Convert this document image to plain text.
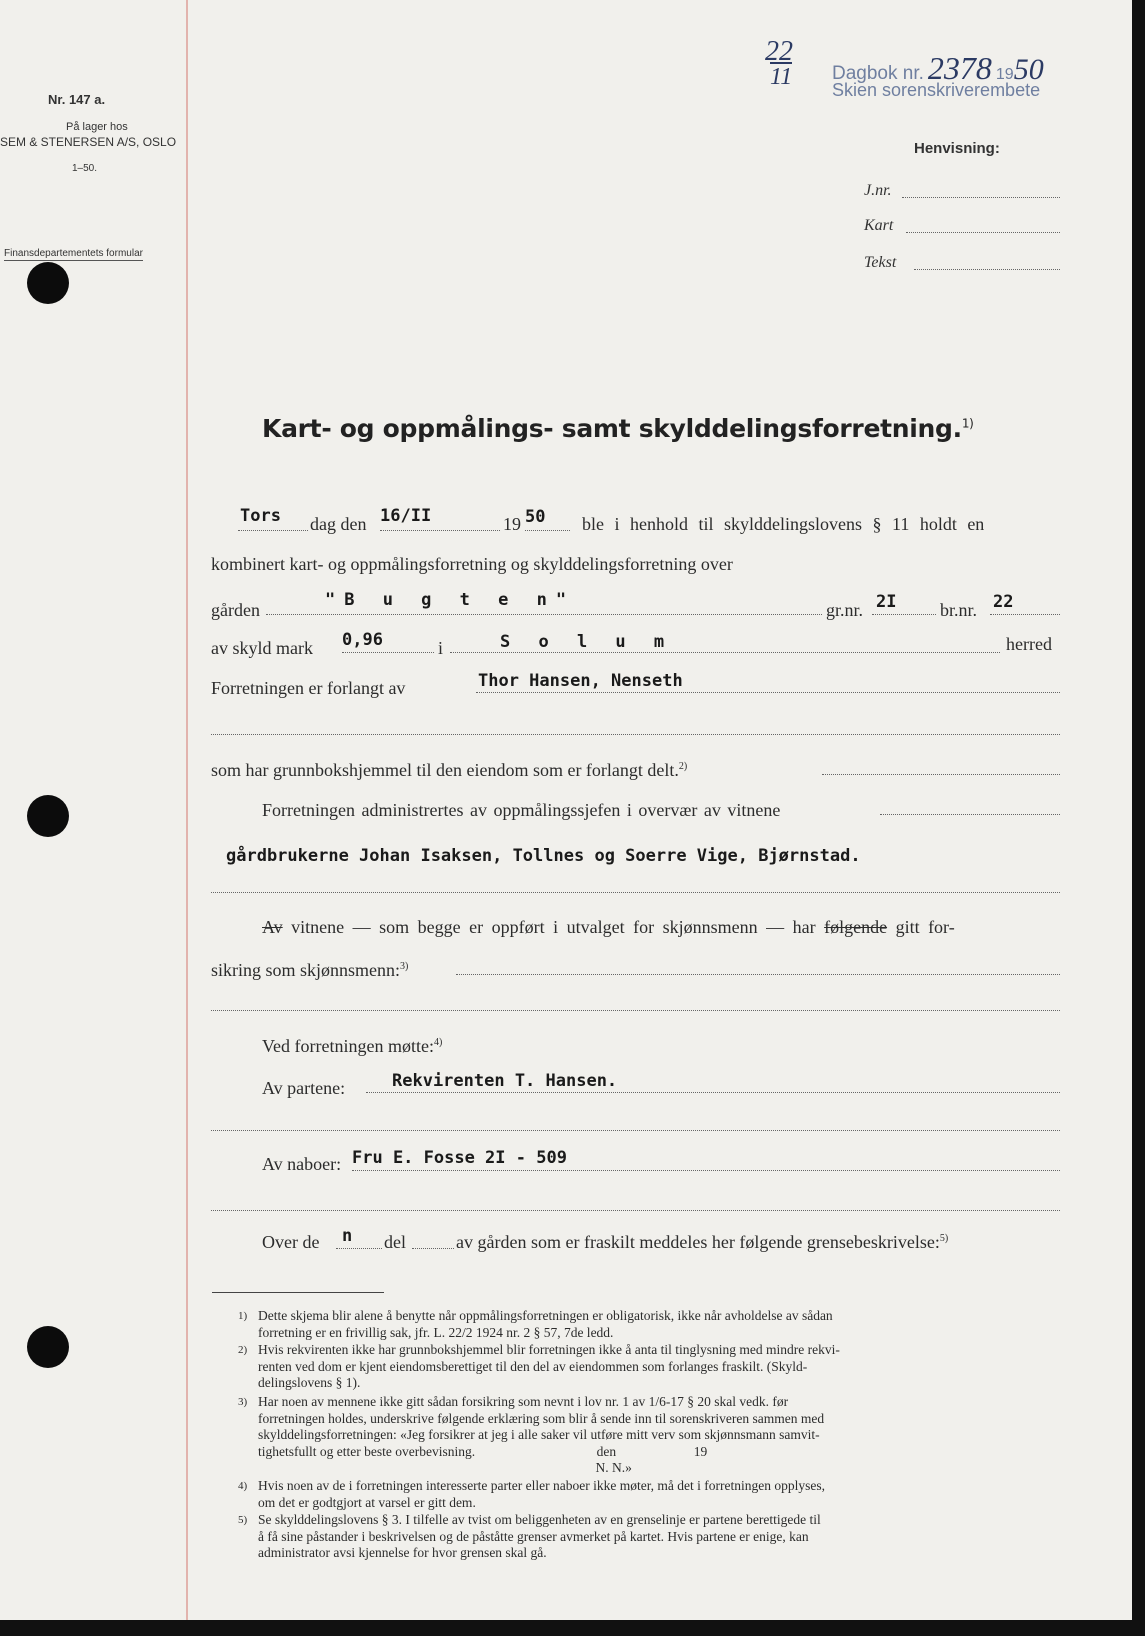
Nr. 147 a.
På lager hos
SEM & STENERSEN A/S, OSLO
1–50.
Finansdepartementets formular
22
11 Dagbok nr. 2378 1950
Skien sorenskriverembete
Henvisning:
J.nr.
Kart
Tekst
Kart- og oppmålings- samt skylddelingsforretning.$^{1)}$
Tors dag den 16/II	19 50 ble i henhold til skylddelingslovens § 11 holdt en
kombinert kart- og oppmålingsforretning og skylddelingsforretning over
gården	"B u g t e n"	gr.nr. 2I br.nr. 22
av skyld mark 0,96	i	S o l u m	herred
Forretningen er forlangt av	Thor Hansen, Nenseth
som har grunnbokshjemmel til den eiendom som er forlangt delt.$^{2)}$
Forretningen administrertes av oppmålingssjefen i overvær av vitnene
gårdbrukerne Johan Isaksen, Tollnes og Soerre Vige, Bjørnstad.
Av vitnene — som begge er oppført i utvalget for skjønnsmenn — har følgende gitt for-
sikring som skjønnsmenn:$^{3)}$
Ved forretningen møtte:$^{4)}$
Av partene:	Rekvirenten T. Hansen.
Av naboer: Fru E. Fosse 2I - 509
Over de n del	av gården som er fraskilt meddeles her følgende grensebeskrivelse:$^{5)}$
1) Dette skjema blir alene å benytte når oppmålingsforretningen er obligatorisk, ikke når avholdelse av sådan
forretning er en frivillig sak, jfr. L. 22/2 1924 nr. 2 § 57, 7de ledd.
2) Hvis rekvirenten ikke har grunnbokshjemmel blir forretningen ikke å anta til tinglysning med mindre rekvi-
renten ved dom er kjent eiendomsberettiget til den del av eiendommen som forlanges fraskilt. (Skyld-
delingslovens § 1).
3) Har noen av mennene ikke gitt sådan forsikring som nevnt i lov nr. 1 av 1/6-17 § 20 skal vedk. før
forretningen holdes, underskrive følgende erklæring som blir å sende inn til sorenskriveren sammen med
skylddelingsforretningen: «Jeg forsikrer at jeg i alle saker vil utføre mitt verv som skjønnsmann samvit-
tighetsfullt og etter beste overbevisning.                                    den                       19
N. N.»
4) Hvis noen av de i forretningen interesserte parter eller naboer ikke møter, må det i forretningen opplyses,
om det er godtgjort at varsel er gitt dem.
5) Se skylddelingslovens § 3. I tilfelle av tvist om beliggenheten av en grenselinje er partene berettigede til
å få sine påstander i beskrivelsen og de påståtte grenser avmerket på kartet. Hvis partene er enige, kan
administrator avsi kjennelse for hvor grensen skal gå.
